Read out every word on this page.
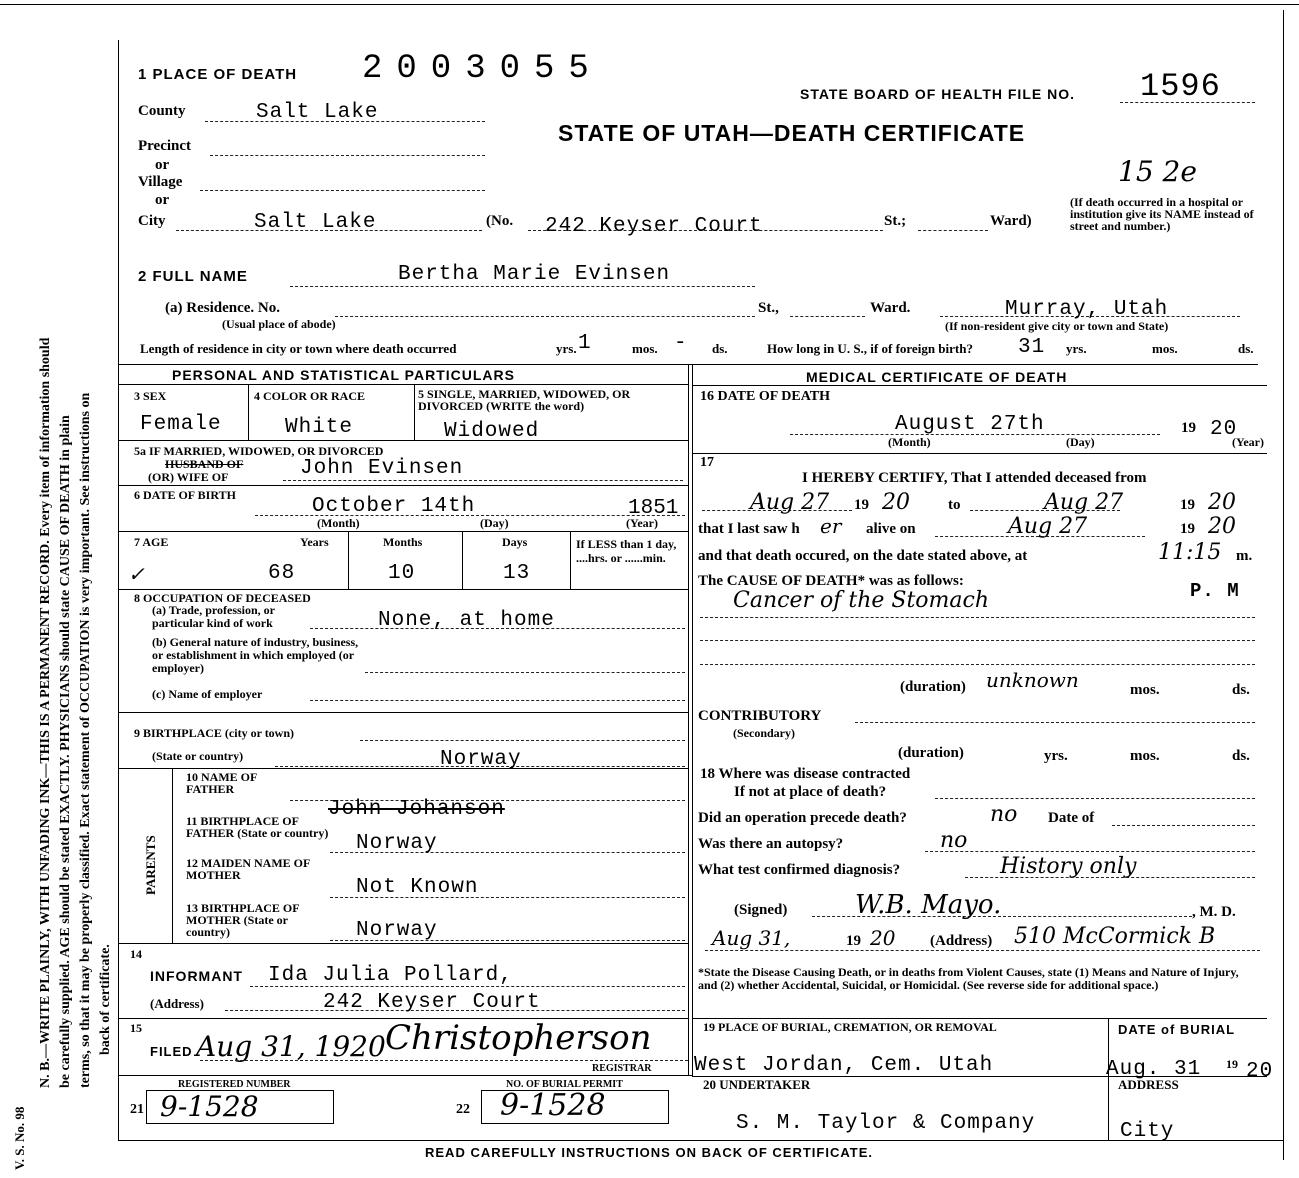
N. B.—WRITE PLAINLY, WITH UNFADING INK—THIS IS A PERMANENT RECORD. Every item of information should be carefully supplied. AGE should be stated EXACTLY. PHYSICIANS should state CAUSE OF DEATH in plain terms, so that it may be properly classified. Exact statement of OCCUPATION is very important. See instructions on back of certificate.
V. S. No. 98
1 PLACE OF DEATH 2003055
STATE BOARD OF HEALTH FILE NO. 1596
STATE OF UTAH—DEATH CERTIFICATE
15 2e
County	Salt Lake
Precinct
or
Village
or
City	Salt Lake	(No. 242 Keyser Court	St.;	Ward)
(If death occurred in a hospital or institution give its NAME instead of street and number.)
2 FULL NAME	Bertha Marie Evinsen
(a) Residence. No.
(Usual place of abode)
St.,	Ward.	Murray, Utah
(If non-resident give city or town and State)
Length of residence in city or town where death occurred	yrs. 1	mos. - ds.	How long in U. S., if of foreign birth? 31 yrs.	mos.	ds.
PERSONAL AND STATISTICAL PARTICULARS
3 SEX	4 COLOR OR RACE	5 SINGLE, MARRIED, WIDOWED, OR DIVORCED (WRITE the word)
Female	White	Widowed
5a IF MARRIED, WIDOWED, OR DIVORCED
HUSBAND OF
(OR) WIFE OF	John Evinsen
6 DATE OF BIRTH	October 14th	1851
(Month)	(Day)	(Year)
7 AGE	Years	Months	Days	If LESS than 1 day, ....hrs. or ......min.
✓	68	10	13
8 OCCUPATION OF DECEASED
(a) Trade, profession, or particular kind of work	None, at home
(b) General nature of industry, business, or establishment in which employed (or employer)
(c) Name of employer
9 BIRTHPLACE (city or town)
(State or country)	Norway
PARENTS
10 NAME OF FATHER
John Johanson
11 BIRTHPLACE OF FATHER (State or country) Norway
12 MAIDEN NAME OF MOTHER
Not Known
13 BIRTHPLACE OF MOTHER (State or country)	Norway
14
INFORMANT Ida Julia Pollard,
(Address)	242 Keyser Court
15
FILED Aug 31, 1920 Christopherson
REGISTRAR
REGISTERED NUMBER	NO. OF BURIAL PERMIT
21 9-1528	22 9-1528
MEDICAL CERTIFICATE OF DEATH
16 DATE OF DEATH
August 27th	19 20
(Month)	(Day)	(Year)
17
I HEREBY CERTIFY, That I attended deceased from
Aug 27 19 20	to	Aug 27	19 20
that I last saw h er alive on	Aug 27	19 20
and that death occured, on the date stated above, at	11:15 m.
The CAUSE OF DEATH* was as follows:	P. M
Cancer of the Stomach
(duration) unknown	mos.	ds.
CONTRIBUTORY
(Secondary)
(duration)	yrs.	mos.	ds.
18 Where was disease contracted
If not at place of death?
Did an operation precede death?	no Date of
Was there an autopsy?	no
What test confirmed diagnosis?	History only
(Signed)	W.B. Mayo.	, M. D.
Aug 31,	19 20 (Address) 510 McCormick B
*State the Disease Causing Death, or in deaths from Violent Causes, state (1) Means and Nature of Injury, and (2) whether Accidental, Suicidal, or Homicidal. (See reverse side for additional space.)
19 PLACE OF BURIAL, CREMATION, OR REMOVAL	DATE of BURIAL
West Jordan, Cem. Utah	Aug. 31 19 20
20 UNDERTAKER	ADDRESS
S. M. Taylor & Company	City
READ CAREFULLY INSTRUCTIONS ON BACK OF CERTIFICATE.
